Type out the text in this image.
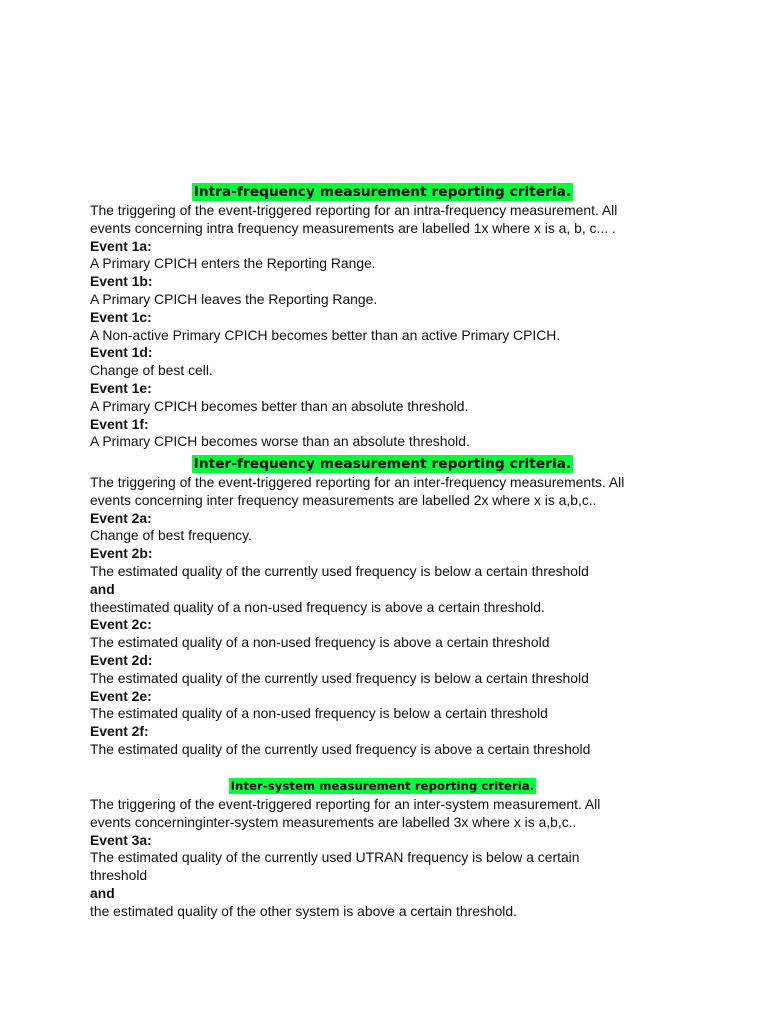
Intra-frequency measurement reporting criteria.
The triggering of the event-triggered reporting for an intra-frequency measurement. All
events concerning intra frequency measurements are labelled 1x where x is a, b, c... .
Event 1a:
A Primary CPICH enters the Reporting Range.
Event 1b:
A Primary CPICH leaves the Reporting Range.
Event 1c:
A Non-active Primary CPICH becomes better than an active Primary CPICH.
Event 1d:
Change of best cell.
Event 1e:
A Primary CPICH becomes better than an absolute threshold.
Event 1f:
A Primary CPICH becomes worse than an absolute threshold.
Inter-frequency measurement reporting criteria.
The triggering of the event-triggered reporting for an inter-frequency measurements. All
events concerning inter frequency measurements are labelled 2x where x is a,b,c..
Event 2a:
Change of best frequency.
Event 2b:
The estimated quality of the currently used frequency is below a certain threshold
and
theestimated quality of a non-used frequency is above a certain threshold.
Event 2c:
The estimated quality of a non-used frequency is above a certain threshold
Event 2d:
The estimated quality of the currently used frequency is below a certain threshold
Event 2e:
The estimated quality of a non-used frequency is below a certain threshold
Event 2f:
The estimated quality of the currently used frequency is above a certain threshold
Inter-system measurement reporting criteria.
The triggering of the event-triggered reporting for an inter-system measurement. All
events concerninginter-system measurements are labelled 3x where x is a,b,c..
Event 3a:
The estimated quality of the currently used UTRAN frequency is below a certain
threshold
and
the estimated quality of the other system is above a certain threshold.
